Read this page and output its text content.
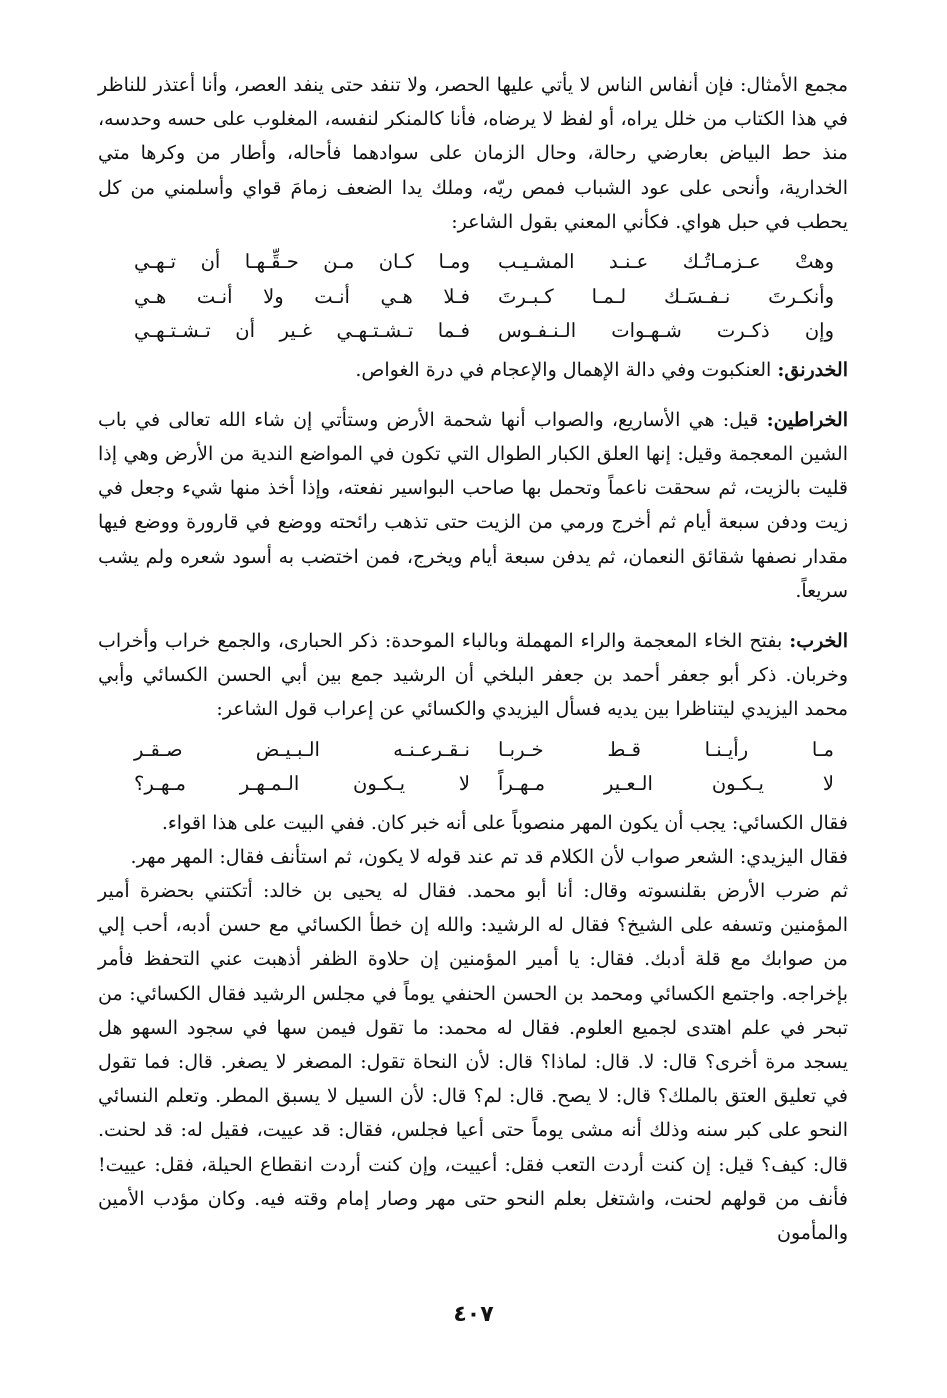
مجمع الأمثال: فإن أنفاس الناس لا يأتي عليها الحصر، ولا تنفد حتى ينفد العصر، وأنا أعتذر للناظر في هذا الكتاب من خلل يراه، أو لفظ لا يرضاه، فأنا كالمنكر لنفسه، المغلوب على حسه وحدسه، منذ حط البياض بعارضي رحالة، وحال الزمان على سوادهما فأحاله، وأطار من وكرها متي الخدارية، وأنحى على عود الشباب فمص ريّه، وملك يدا الضعف زمامَ قواي وأسلمني من كل يحطب في حبل هواي. فكأني المعني بقول الشاعر:

وهتْ عـزمـاتُـك عـنـد المشـيـب
ومـا كـان مـن حـقِّـهـا أن تـهـي
وأنكـرتَ نـفـسَـك لـمـا كـبـرتَ
فـلا هـي أنـت ولا أنـت هـي
وإن ذكـرت شـهـوات الـنـفـوس
فـما تـشـتـهـي غـير أن تـشـتـهـي

الخدرنق: العنكبوت وفي دالة الإهمال والإعجام في درة الغواص.

الخراطين: قيل: هي الأساريع، والصواب أنها شحمة الأرض وستأتي إن شاء الله تعالى في باب الشين المعجمة وقيل: إنها العلق الكبار الطوال التي تكون في المواضع الندية من الأرض وهي إذا قليت بالزيت، ثم سحقت ناعماً وتحمل بها صاحب البواسير نفعته، وإذا أخذ منها شيء وجعل في زيت ودفن سبعة أيام ثم أخرج ورمي من الزيت حتى تذهب رائحته ووضع في قارورة ووضع فيها مقدار نصفها شقائق النعمان، ثم يدفن سبعة أيام ويخرج، فمن اختضب به أسود شعره ولم يشب سريعاً.

الخرب: بفتح الخاء المعجمة والراء المهملة وبالباء الموحدة: ذكر الحبارى، والجمع خراب وأخراب وخربان. ذكر أبو جعفر أحمد بن جعفر البلخي أن الرشيد جمع بين أبي الحسن الكسائي وأبي محمد اليزيدي ليتناظرا بين يديه فسأل اليزيدي والكسائي عن إعراب قول الشاعر:

مـا رأيـنـا قـط خـربـا
نـقـرعـنـه الـبـيـض صـقـر
لا يـكـون الـعـير مـهـراً
لا يـكـون الـمـهـر مـهـر؟

فقال الكسائي: يجب أن يكون المهر منصوباً على أنه خبر كان. ففي البيت على هذا اقواء.

فقال اليزيدي: الشعر صواب لأن الكلام قد تم عند قوله لا يكون، ثم استأنف فقال: المهر مهر.

ثم ضرب الأرض بقلنسوته وقال: أنا أبو محمد. فقال له يحيى بن خالد: أتكتني بحضرة أمير المؤمنين وتسفه على الشيخ؟ فقال له الرشيد: والله إن خطأ الكسائي مع حسن أدبه، أحب إلي من صوابك مع قلة أدبك. فقال: يا أمير المؤمنين إن حلاوة الظفر أذهبت عني التحفظ فأمر بإخراجه. واجتمع الكسائي ومحمد بن الحسن الحنفي يوماً في مجلس الرشيد فقال الكسائي: من تبحر في علم اهتدى لجميع العلوم. فقال له محمد: ما تقول فيمن سها في سجود السهو هل يسجد مرة أخرى؟ قال: لا. قال: لماذا؟ قال: لأن النحاة تقول: المصغر لا يصغر. قال: فما تقول في تعليق العتق بالملك؟ قال: لا يصح. قال: لم؟ قال: لأن السيل لا يسبق المطر. وتعلم النسائي النحو على كبر سنه وذلك أنه مشى يوماً حتى أعيا فجلس، فقال: قد عييت، فقيل له: قد لحنت. قال: كيف؟ قيل: إن كنت أردت التعب فقل: أعييت، وإن كنت أردت انقطاع الحيلة، فقل: عييت! فأنف من قولهم لحنت، واشتغل بعلم النحو حتى مهر وصار إمام وقته فيه. وكان مؤدب الأمين والمأمون

٤٠٧
